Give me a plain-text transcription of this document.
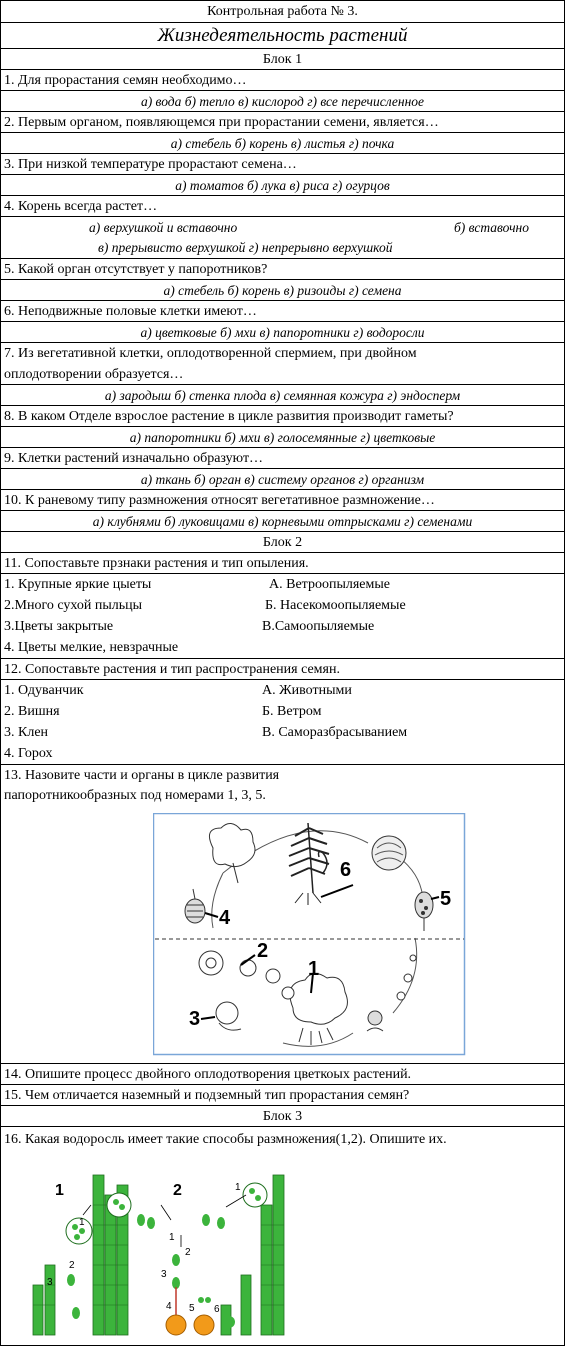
Контрольная работа № 3.
Жизнедеятельность растений
Блок 1
1. Для прорастания семян необходимо…
а) вода б) тепло в) кислород г) все перечисленное
2. Первым органом, появляющемся при прорастании семени, является…
а) стебель б) корень в) листья г) почка
3. При низкой температуре прорастают семена…
а) томатов б) лука в) риса г) огурцов
4. Корень всегда растет…
а) верхушкой и вставочно	б) вставочно
в) прерывисто верхушкой г) непрерывно верхушкой
5. Какой орган отсутствует у папоротников?
а) стебель б) корень в) ризоиды г) семена
6. Неподвижные половые клетки имеют…
а) цветковые б) мхи в) папоротники г) водоросли
7. Из вегетативной клетки, оплодотворенной спермием, при двойном
оплодотворении образуется…
а) зародыш б) стенка плода в) семянная кожура г) эндосперм
8. В каком Отделе взрослое растение в цикле развития производит гаметы?
а) папоротники б) мхи в) голосемянные г) цветковые
9. Клетки растений изначально образуют…
а) ткань б) орган в) систему органов г) организм
10. К раневому типу размножения относят вегетативное размножение…
а) клубнями б) луковицами в) корневыми отпрысками г) семенами
Блок 2
11. Сопоставьте прзнаки растения и тип опыления.
1. Крупные яркие цыеты	А. Ветроопыляемые
2.Много сухой пыльцы	Б. Насекомоопыляемые
3.Цветы закрытые	В.Самоопыляемые
4. Цветы мелкие, невзрачные
12. Сопоставьте растения и тип распространения семян.
1. Одуванчик	А. Животными
2. Вишня	Б. Ветром
3. Клен	В. Саморазбрасыванием
4. Горох
13. Назовите части и органы в цикле развития
папоротникообразных под номерами 1, 3, 5.
1
2
3
4
5
6
14. Опишите процесс двойного оплодотворения цветкоых растений.
15. Чем отличается наземный и подземный тип прорастания семян?
Блок 3
16. Какая водоросль имеет такие способы размножения(1,2). Опишите их.
1	2
1
2
3
1
2
3
4 5 6
1
